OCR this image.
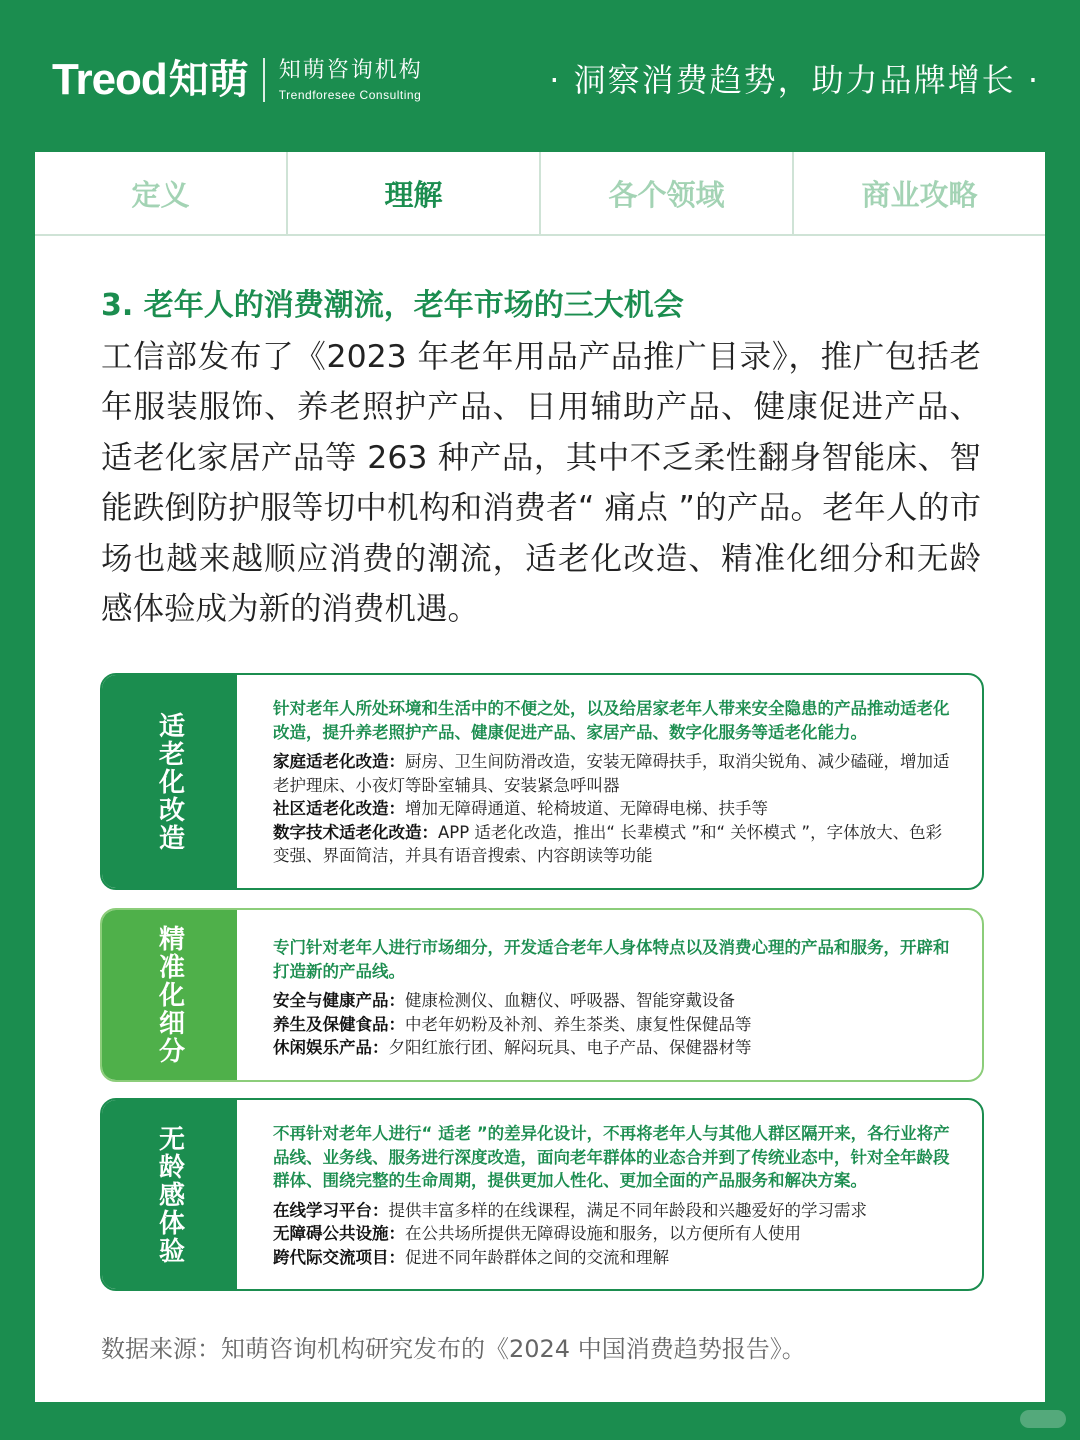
Treod 知萌 知萌咨询机构
Trendforesee Consulting	· 洞察消费趋势，助力品牌增长 ·
定义	理解	各个领域	商业攻略
3. 老年人的消费潮流，老年市场的三大机会
工信部发布了《2023 年老年用品产品推广目录》，推广包括老年服装服饰、养老照护产品、日用辅助产品、健康促进产品、适老化家居产品等 263 种产品，其中不乏柔性翻身智能床、智能跌倒防护服等切中机构和消费者“ 痛点 ”的产品。老年人的市场也越来越顺应消费的潮流，适老化改造、精准化细分和无龄感体验成为新的消费机遇。
适老化改造
针对老年人所处环境和生活中的不便之处，以及给居家老年人带来安全隐患的产品推动适老化改造，提升养老照护产品、健康促进产品、家居产品、数字化服务等适老化能力。
家庭适老化改造：厨房、卫生间防滑改造，安装无障碍扶手，取消尖锐角、减少磕碰，增加适老护理床、小夜灯等卧室辅具、安装紧急呼叫器
社区适老化改造：增加无障碍通道、轮椅坡道、无障碍电梯、扶手等
数字技术适老化改造：APP 适老化改造，推出“ 长辈模式 ”和“ 关怀模式 ”，字体放大、色彩变强、界面简洁，并具有语音搜索、内容朗读等功能
精准化细分	专门针对老年人进行市场细分，开发适合老年人身体特点以及消费心理的产品和服务，开辟和打造新的产品线。
安全与健康产品：健康检测仪、血糖仪、呼吸器、智能穿戴设备
养生及保健食品：中老年奶粉及补剂、养生茶类、康复性保健品等
休闲娱乐产品：夕阳红旅行团、解闷玩具、电子产品、保健器材等
无龄感体验	不再针对老年人进行“ 适老 ”的差异化设计，不再将老年人与其他人群区隔开来，各行业将产品线、业务线、服务进行深度改造，面向老年群体的业态合并到了传统业态中，针对全年龄段群体、围绕完整的生命周期，提供更加人性化、更加全面的产品服务和解决方案。
在线学习平台：提供丰富多样的在线课程，满足不同年龄段和兴趣爱好的学习需求
无障碍公共设施：在公共场所提供无障碍设施和服务，以方便所有人使用
跨代际交流项目：促进不同年龄群体之间的交流和理解
数据来源：知萌咨询机构研究发布的《2024 中国消费趋势报告》。
